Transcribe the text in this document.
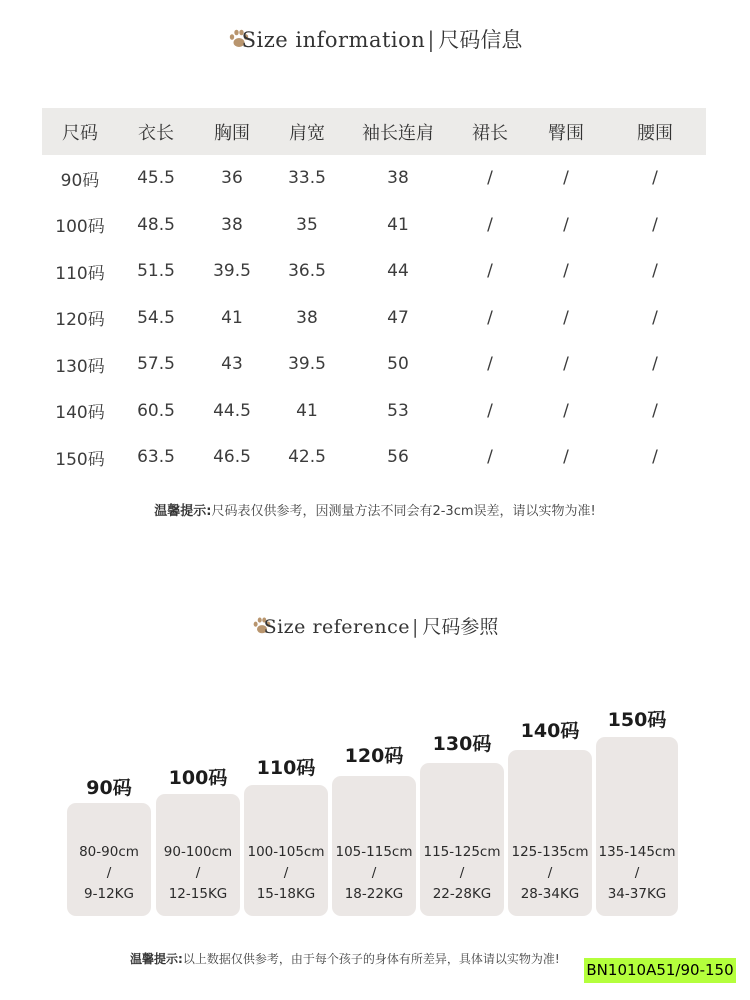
Size information| 尺码信息
尺码	衣长	胸围	肩宽	袖长连肩	裙长	臀围	腰围
90码	45.5	36	33.5	38	/	/	/
100码	48.5	38	35	41	/	/	/
110码	51.5	39.5	36.5	44	/	/	/
120码	54.5	41	38	47	/	/	/
130码	57.5	43	39.5	50	/	/	/
140码	60.5	44.5	41	53	/	/	/
150码	63.5	46.5	42.5	56	/	/	/
温馨提示:尺码表仅供参考，因测量方法不同会有2-3cm误差，请以实物为准!
Size reference | 尺码参照
90码
80-90cm
/
9-12KG
100码
90-100cm
/
12-15KG
110码
100-105cm
/
15-18KG
120码
105-115cm
/
18-22KG
130码
115-125cm
/
22-28KG
140码
125-135cm
/
28-34KG
150码
135-145cm
/
34-37KG
温馨提示:以上数据仅供参考，由于每个孩子的身体有所差异，具体请以实物为准!
BN1010A51/90-150
